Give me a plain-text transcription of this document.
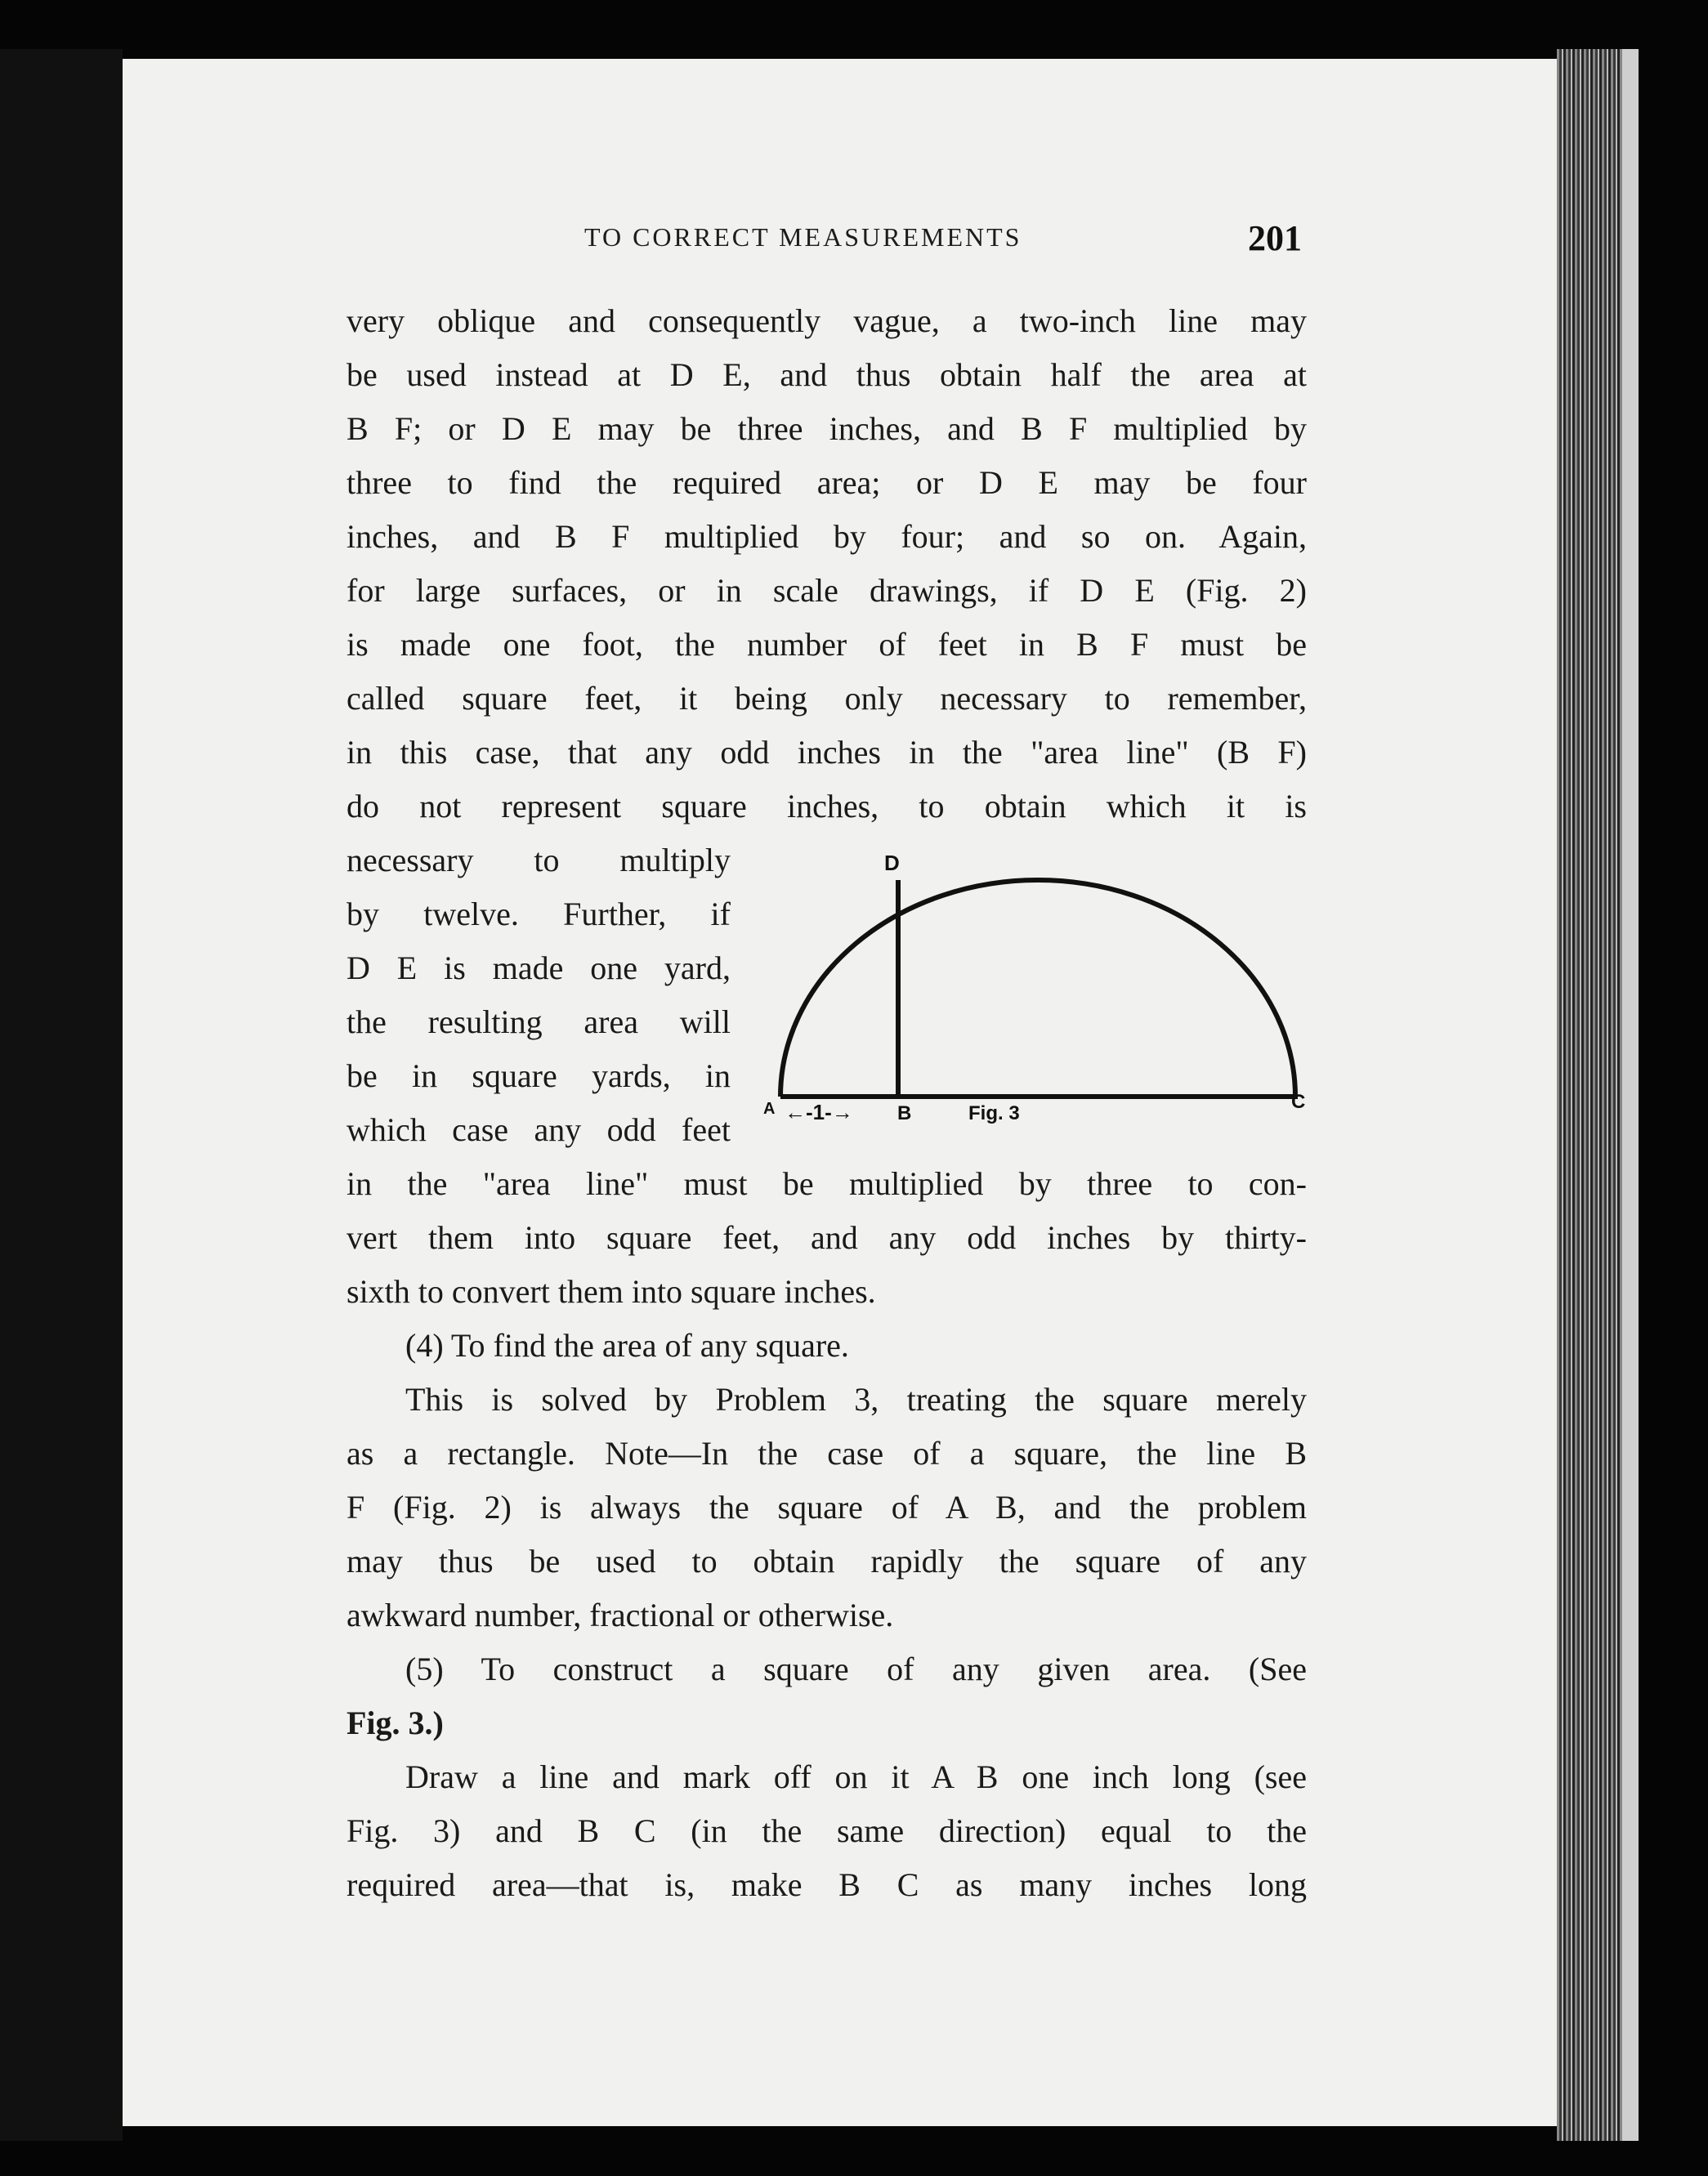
TO CORRECT MEASUREMENTS	201
very oblique and consequently vague, a two-inch line may
be used instead at D E, and thus obtain half the area at
B F; or D E may be three inches, and B F multiplied by
three to find the required area; or D E may be four
inches, and B F multiplied by four; and so on. Again,
for large surfaces, or in scale drawings, if D E (Fig. 2)
is made one foot, the number of feet in B F must be
called square feet, it being only necessary to remember,
in this case, that any odd inches in the "area line" (B F)
do not represent square inches, to obtain which it is
necessary to multiply
by twelve. Further, if
D E is made one yard,
the resulting area will
be in square yards, in
which case any odd feet
D
A ←-1-→ B	Fig. 3
C
in the "area line" must be multiplied by three to con-
vert them into square feet, and any odd inches by thirty-
sixth to convert them into square inches.
(4) To find the area of any square.
This is solved by Problem 3, treating the square merely
as a rectangle. Note—In the case of a square, the line B
F (Fig. 2) is always the square of A B, and the problem
may thus be used to obtain rapidly the square of any
awkward number, fractional or otherwise.
(5) To construct a square of any given area. (See
Fig. 3.)
Draw a line and mark off on it A B one inch long (see
Fig. 3) and B C (in the same direction) equal to the
required area—that is, make B C as many inches long
